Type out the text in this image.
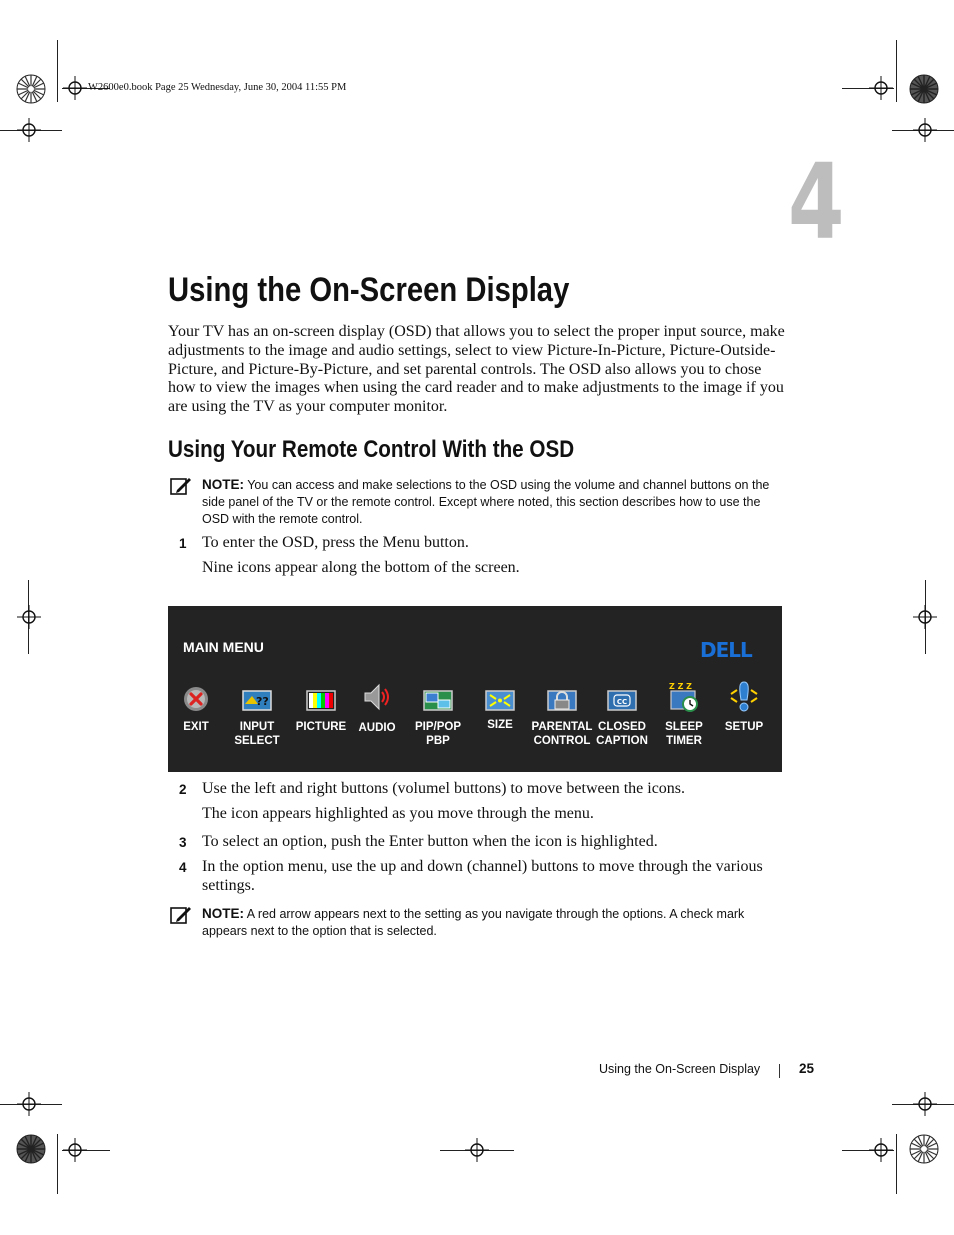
W2600e0.book Page 25 Wednesday, June 30, 2004 11:55 PM
4
Using the On-Screen Display
Your TV has an on-screen display (OSD) that allows you to select the proper input source, make adjustments to the image and audio settings, select to view Picture-In-Picture, Picture-Outside-Picture, and Picture-By-Picture, and set parental controls. The OSD also allows you to chose how to view the images when using the card reader and to make adjustments to the image if you are using the TV as your computer monitor.
Using Your Remote Control With the OSD
NOTE: You can access and make selections to the OSD using the volume and channel buttons on the side panel of the TV or the remote control. Except where noted, this section describes how to use the OSD with the remote control.
1 To enter the OSD, press the Menu button.
Nine icons appear along the bottom of the screen.
MAIN MENU	DELL
EXIT
??
INPUT
SELECT
PICTURE	AUDIO	PIP/POP
PBP
SIZE	PARENTAL
CONTROL
CC
CLOSED
CAPTION
Z Z Z
SLEEP
TIMER
SETUP
2 Use the left and right buttons (volumel buttons) to move between the icons.
The icon appears highlighted as you move through the menu.
3 To select an option, push the Enter button when the icon is highlighted.
4 In the option menu, use the up and down (channel) buttons to move through the various settings.
NOTE: A red arrow appears next to the setting as you navigate through the options. A check mark appears next to the option that is selected.
Using the On-Screen Display	25
